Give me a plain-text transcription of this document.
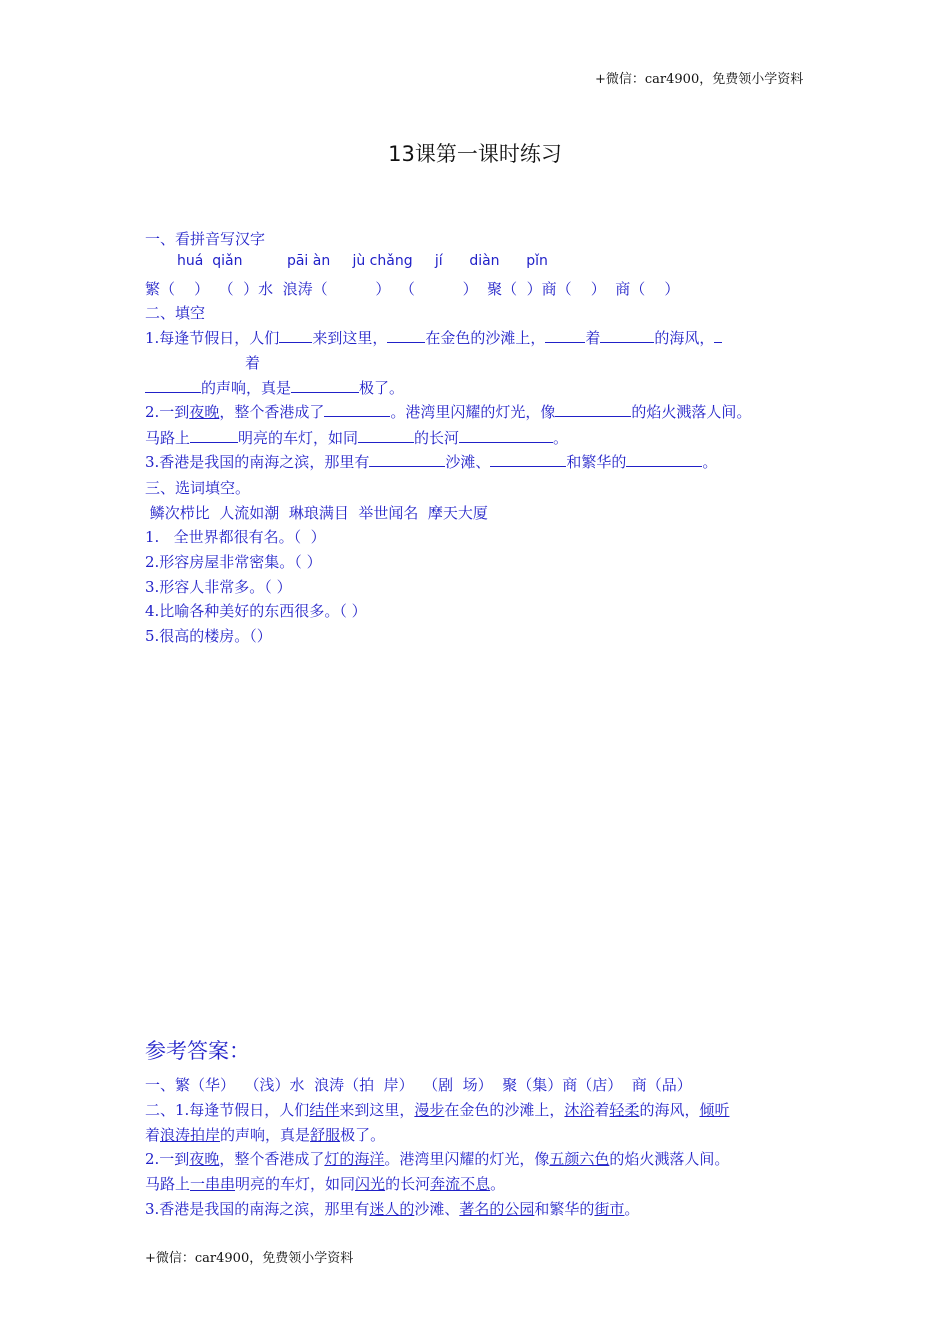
+微信：car4900，免费领小学资料
13课第一课时练习
一、看拼音写汉字
huá  qiǎn          pāi àn     jù chǎng     jí      diàn      pǐn
繁（    ）  （  ）水  浪涛（          ）  （          ）  聚（  ）商（    ）  商（    ）
二、填空
1.每逢节假日，人们 来到这里，	在金色的沙滩上，	着	的海风，
着
的声响，真是	极了。
2.一到夜晚，整个香港成了	。港湾里闪耀的灯光，像	的焰火溅落人间。
马路上	明亮的车灯，如同	的长河	。
3.香港是我国的南海之滨，那里有	沙滩、	和繁华的	。
三、选词填空。
鳞次栉比  人流如潮  琳琅满目  举世闻名  摩天大厦
1.   全世界都很有名。（  ）
2.形容房屋非常密集。（ ）
3.形容人非常多。（ ）
4.比喻各种美好的东西很多。（ ）
5.很高的楼房。（）
参考答案：
一、繁（华）  （浅）水  浪涛（拍  岸）  （剧  场）  聚（集）商（店）  商（品）
二、1.每逢节假日，人们结伴来到这里，漫步在金色的沙滩上，沐浴着轻柔的海风，倾听
着浪涛拍岸的声响，真是舒服极了。
2.一到夜晚，整个香港成了灯的海洋。港湾里闪耀的灯光，像五颜六色的焰火溅落人间。
马路上一串串明亮的车灯，如同闪光的长河奔流不息。
3.香港是我国的南海之滨，那里有迷人的沙滩、著名的公园和繁华的街市。
+微信：car4900，免费领小学资料
